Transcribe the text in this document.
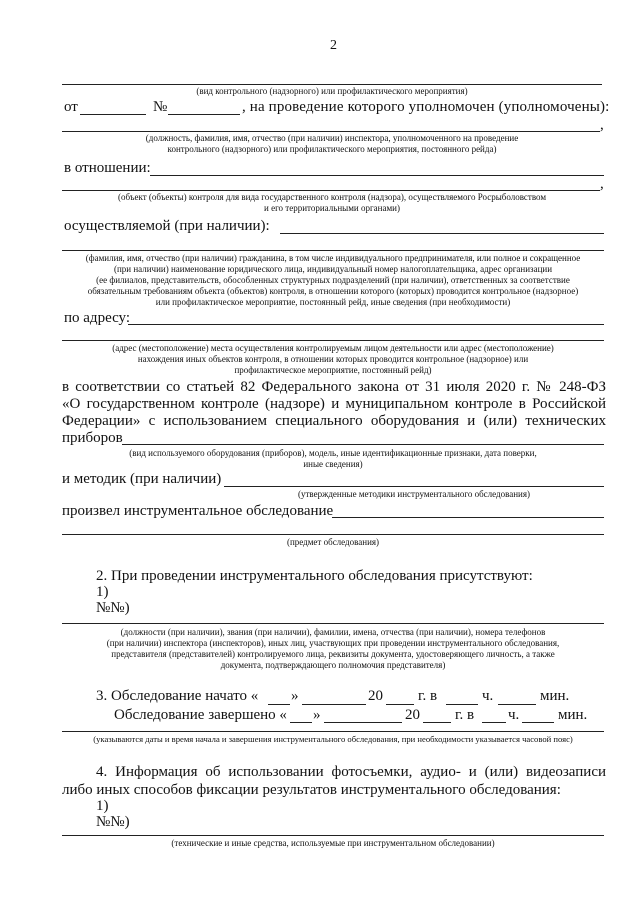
2
(вид контрольного (надзорного) или профилактического мероприятия)
от	№	, на проведение которого уполномочен (уполномочены):
,
(должность, фамилия, имя, отчество (при наличии) инспектора, уполномоченного на проведение
контрольного (надзорного) или профилактического мероприятия, постоянного рейда)
в отношении:
,
(объект (объекты) контроля для вида государственного контроля (надзора), осуществляемого Росрыболовством
и его территориальными органами)
осуществляемой (при наличии):
(фамилия, имя, отчество (при наличии) гражданина, в том числе индивидуального предпринимателя, или полное и сокращенное
(при наличии) наименование юридического лица, индивидуальный номер налогоплательщика, адрес организации
(ее филиалов, представительств, обособленных структурных подразделений (при наличии), ответственных за соответствие
обязательным требованиям объекта (объектов) контроля, в отношении которого (которых) проводится контрольное (надзорное)
или профилактическое мероприятие, постоянный рейд, иные сведения (при необходимости)
по адресу:
(адрес (местоположение) места осуществления контролируемым лицом деятельности или адрес (местоположение)
нахождения иных объектов контроля, в отношении которых проводится контрольное (надзорное) или
профилактическое мероприятие, постоянный рейд)
в соответствии со статьей 82 Федерального закона от 31 июля 2020 г. № 248-ФЗ
«О государственном контроле (надзоре) и муниципальном контроле в Российской
Федерации» с использованием специального оборудования и (или) технических
приборов
(вид используемого оборудования (приборов), модель, иные идентификационные признаки, дата поверки,
иные сведения)
и методик (при наличии)
(утвержденные методики инструментального обследования)
произвел инструментальное обследование
(предмет обследования)
2. При проведении инструментального обследования присутствуют:
1)
№№)
(должности (при наличии), звания (при наличии), фамилии, имена, отчества (при наличии), номера телефонов
(при наличии) инспектора (инспекторов), иных лиц, участвующих при проведении инструментального обследования,
представителя (представителей) контролируемого лица, реквизиты документа, удостоверяющего личность, а также
документа, подтверждающего полномочия представителя)
3. Обследование начато « »	20 г. в	ч.	мин.
Обследование завершено « »	20 г. в ч.	мин.
(указываются даты и время начала и завершения инструментального обследования, при необходимости указывается часовой пояс)
4. Информация об использовании фотосъемки, аудио- и (или) видеозаписи
либо иных способов фиксации результатов инструментального обследования:
1)
№№)
(технические и иные средства, используемые при инструментальном обследовании)
